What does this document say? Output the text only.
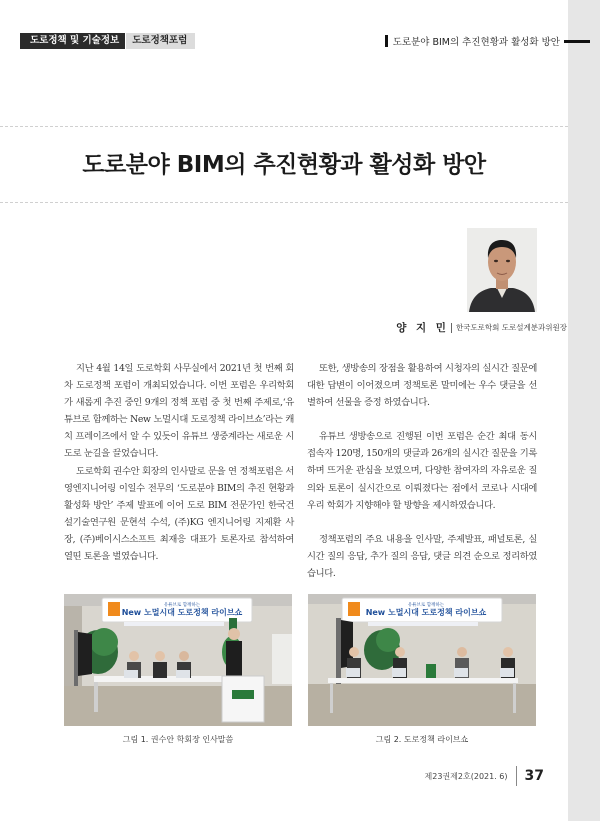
도로정책 및 기술정보	도로정책포럼	도로분야 BIM의 추진현황과 활성화 방안
도로분야 BIM의 추진현황과 활성화 방안
양 지 민 한국도로학회 도로설계분과위원장

지난 4월 14일 도로학회 사무실에서 2021년 첫 번째 회차 도로정책 포럼이 개최되었습니다. 이번 포럼은 우리학회가 새롭게 추진 중인 9개의 정책 포럼 중 첫 번째 주제로,‘유튜브로 함께하는 New 노멀시대 도로정책 라이브쇼’라는 캐치 프레이즈에서 알 수 있듯이 유튜브 생중계라는 새로운 시도로 눈길을 끌었습니다.

도로학회 권수안 회장의 인사말로 문을 연 정책포럼은 서영엔지니어링 이일수 전무의 ‘도로분야 BIM의 추진 현황과 활성화 방안’ 주제 발표에 이어 도로 BIM 전문가인 한국건설기술연구원 문현석 수석, (주)KG 엔지니어링 지제환 사장, (주)베이시스소프트 최재응 대표가 토론자로 참석하여 열띤 토론을 벌였습니다.

또한, 생방송의 장점을 활용하여 시청자의 실시간 질문에 대한 답변이 이어졌으며 정책토론 말미에는 우수 댓글을 선별하여 선물을 증정 하였습니다.

유튜브 생방송으로 진행된 이번 포럼은 순간 최대 동시 접속자 120명, 150개의 댓글과 26개의 실시간 질문을 기록하며 뜨거운 관심을 보였으며, 다양한 참여자의 자유로운 질의와 토론이 실시간으로 이뤄졌다는 점에서 코로나 시대에 우리 학회가 지향해야 할 방향을 제시하였습니다.

정책포럼의 주요 내용을 인사말, 주제발표, 패널토론, 실시간 질의 응답, 추가 질의 응답, 댓글 의견 순으로 정리하였습니다.

유튜브로 함께하는
New 노멀시대 도로정책 라이브쇼
유튜브로 함께하는
New 노멀시대 도로정책 라이브쇼
그림 1. 권수안 학회장 인사말씀	그림 2. 도로정책 라이브쇼
제23권제2호(2021. 6) 37
